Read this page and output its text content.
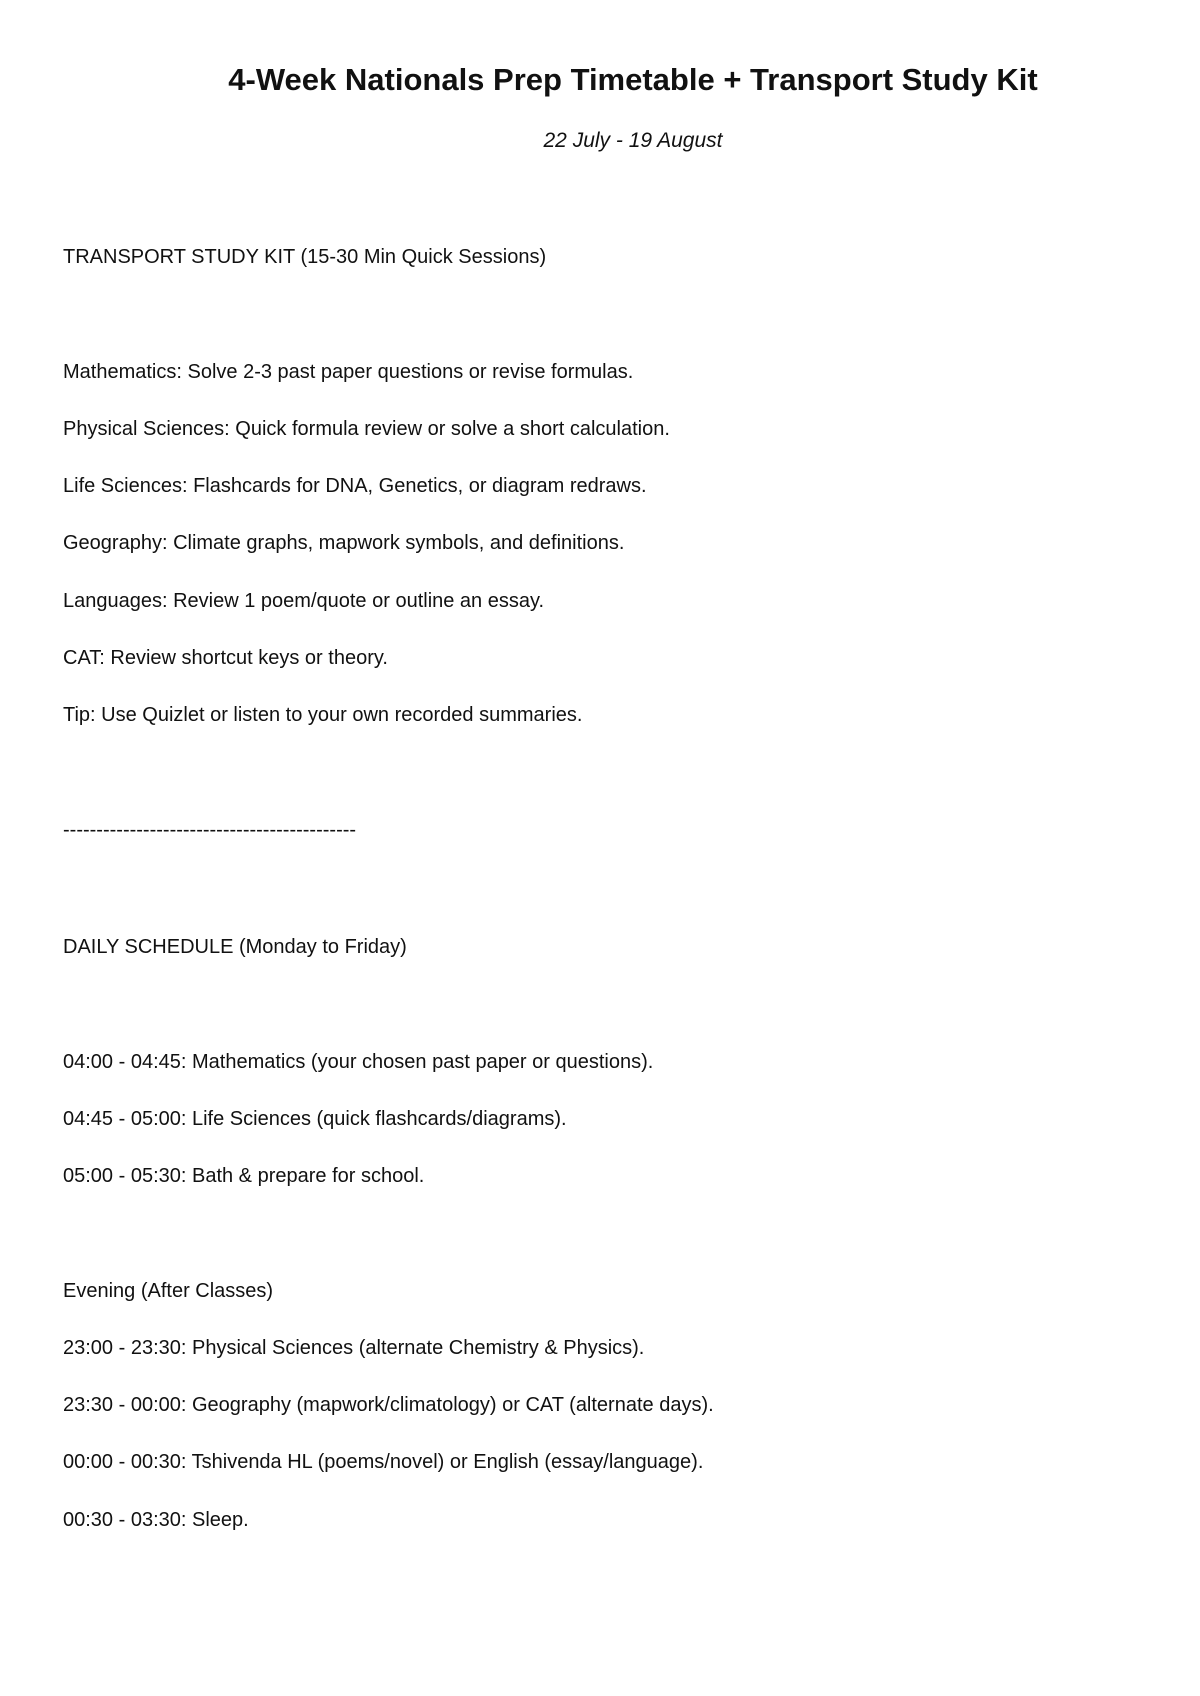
4-Week Nationals Prep Timetable + Transport Study Kit

22 July - 19 August

TRANSPORT STUDY KIT (15-30 Min Quick Sessions)

Mathematics: Solve 2-3 past paper questions or revise formulas.

Physical Sciences: Quick formula review or solve a short calculation.

Life Sciences: Flashcards for DNA, Genetics, or diagram redraws.

Geography: Climate graphs, mapwork symbols, and definitions.

Languages: Review 1 poem/quote or outline an essay.

CAT: Review shortcut keys or theory.

Tip: Use Quizlet or listen to your own recorded summaries.

--------------------------------------------

DAILY SCHEDULE (Monday to Friday)

04:00 - 04:45: Mathematics (your chosen past paper or questions).

04:45 - 05:00: Life Sciences (quick flashcards/diagrams).

05:00 - 05:30: Bath & prepare for school.

Evening (After Classes)

23:00 - 23:30: Physical Sciences (alternate Chemistry & Physics).

23:30 - 00:00: Geography (mapwork/climatology) or CAT (alternate days).

00:00 - 00:30: Tshivenda HL (poems/novel) or English (essay/language).

00:30 - 03:30: Sleep.
